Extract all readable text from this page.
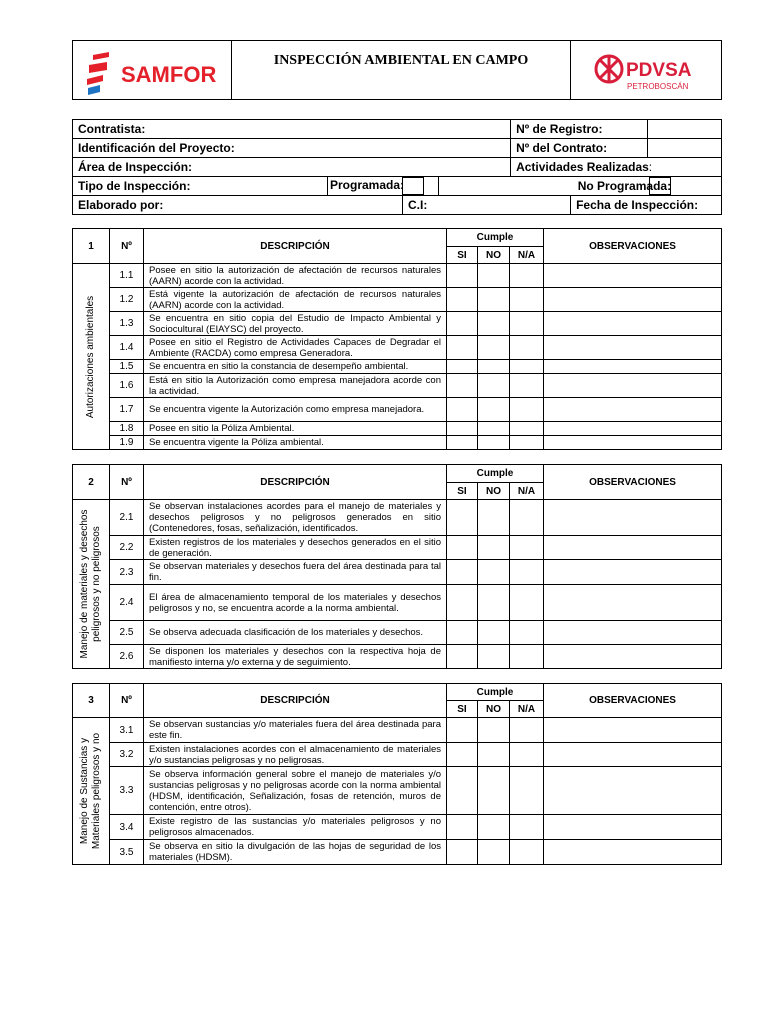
SAMFOR

INSPECCIÓN AMBIENTAL EN CAMPO	PDVSA
PETROBOSCÁN
Contratista:				Nº de Registro:		
Identificación del Proyecto:				Nº del Contrato:		
Área de Inspección:				Actividades Realizadas:		
Tipo de Inspección:	Programada:		No Programada:			

Elaborado por:		C.I:			Fecha de Inspección:	
1	Nº	DESCRIPCIÓN	Cumple			OBSERVACIONES
			SI	NO	N/A	

Autorizaciones ambientales	1.1	Posee en sitio la autorización de afectación de recursos naturales (AARN) acorde con la actividad.				
	1.2	Está vigente la autorización de afectación de recursos naturales (AARN) acorde con la actividad.				
	1.3	Se encuentra en sitio copia del Estudio de Impacto Ambiental y Sociocultural (EIAYSC) del proyecto.				
	1.4	Posee en sitio el Registro de Actividades Capaces de Degradar el Ambiente (RACDA) como empresa Generadora.				
	1.5	Se encuentra en sitio la constancia de desempeño ambiental.				
	1.6	Está en sitio la Autorización como empresa manejadora acorde con la actividad.				
	1.7	Se encuentra vigente la Autorización como empresa manejadora.				
	1.8	Posee en sitio la Póliza Ambiental.				
	1.9	Se encuentra vigente la Póliza ambiental.				
2	Nº	DESCRIPCIÓN	Cumple			OBSERVACIONES
			SI	NO	N/A	

Manejo de materiales y desechos
peligrosos y no peligrosos	2.1	Se observan instalaciones acordes para el manejo de materiales y desechos peligrosos y no peligrosos generados en sitio (Contenedores, fosas, señalización, identificados.				
	2.2	Existen registros de los materiales y desechos generados en el sitio de generación.				
	2.3	Se observan materiales y desechos fuera del área destinada para tal fin.				
	2.4	El área de almacenamiento temporal de los materiales y desechos peligrosos y no, se encuentra acorde a la norma ambiental.				
	2.5	Se observa adecuada clasificación de los materiales y desechos.				
	2.6	Se disponen los materiales y desechos con la respectiva hoja de manifiesto interna y/o externa y de seguimiento.				
3	Nº	DESCRIPCIÓN	Cumple			OBSERVACIONES
			SI	NO	N/A	

Manejo de Sustancias y
Materiales peligrosos y no	3.1	Se observan sustancias y/o materiales fuera del área destinada para este fin.				
	3.2	Existen instalaciones acordes con el almacenamiento de materiales y/o sustancias peligrosas y no peligrosas.				
	3.3	Se observa información general sobre el manejo de materiales y/o sustancias peligrosas y no peligrosas acorde con la norma ambiental (HDSM, identificación, Señalización, fosas de retención, muros de contención, entre otros).				
	3.4	Existe registro de las sustancias y/o materiales peligrosos y no peligrosos almacenados.				
	3.5	Se observa en sitio la divulgación de las hojas de seguridad de los materiales (HDSM).				
